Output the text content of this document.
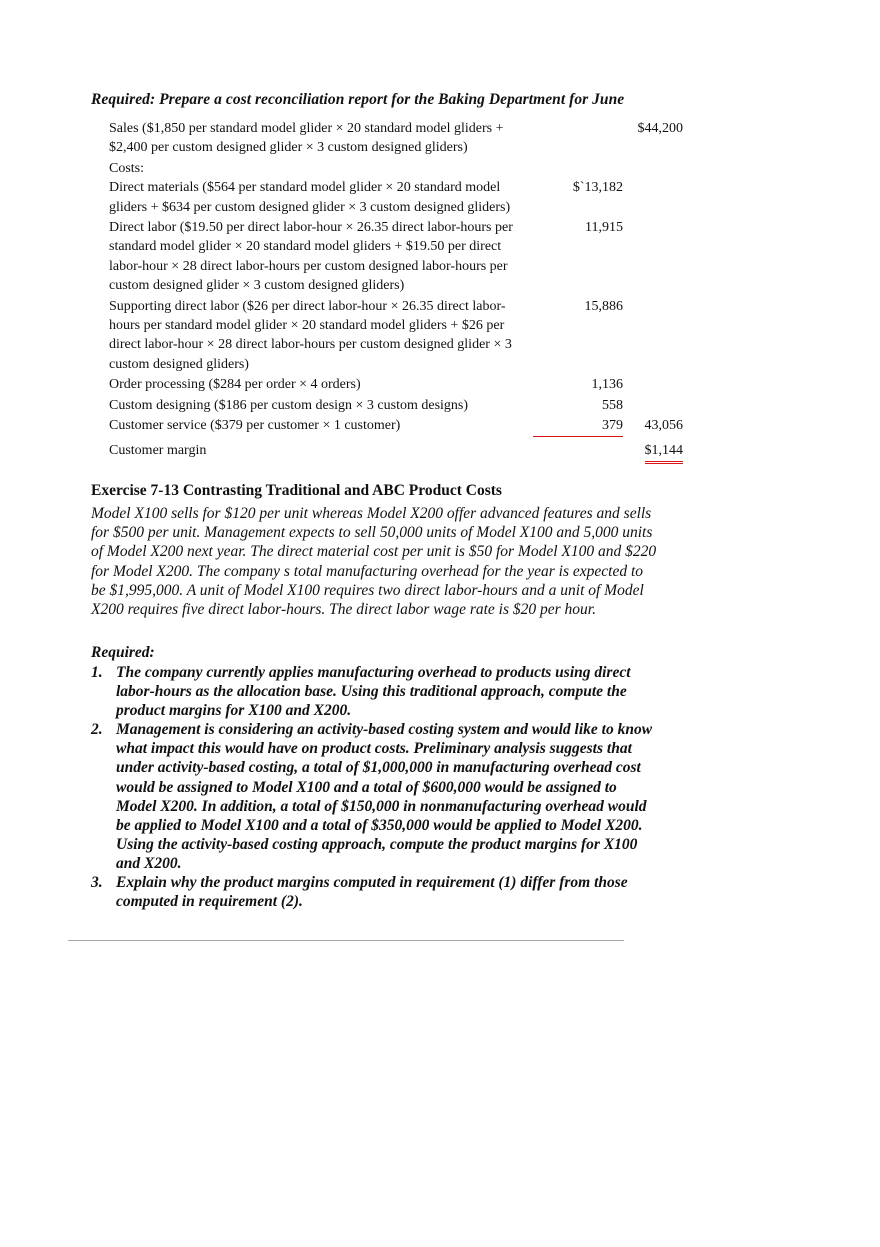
Required: Prepare a cost reconciliation report for the Baking Department for June
Sales ($1,850 per standard model glider × 20 standard model gliders + $2,400 per custom designed glider × 3 custom designed gliders)		$44,200
Costs:		
Direct materials ($564 per standard model glider × 20 standard model gliders + $634 per custom designed glider × 3 custom designed gliders)	$`13,182	
Direct labor ($19.50 per direct labor-hour × 26.35 direct labor-hours per standard model glider × 20 standard model gliders + $19.50 per direct labor-hour × 28 direct labor-hours per custom designed labor-hours per custom designed glider × 3 custom designed gliders)	11,915	
Supporting direct labor ($26 per direct labor-hour × 26.35 direct labor-hours per standard model glider × 20 standard model gliders + $26 per direct labor-hour × 28 direct labor-hours per custom designed glider × 3 custom designed gliders)	15,886	
Order processing ($284 per order × 4 orders)	1,136	
Custom designing ($186 per custom design × 3 custom designs)	558	
Customer service ($379 per customer × 1 customer)	379	43,056
Customer margin		$1,144
Exercise 7-13 Contrasting Traditional and ABC Product Costs
Model X100 sells for $120 per unit whereas Model X200 offer advanced features and sells for $500 per unit. Management expects to sell 50,000 units of Model X100 and 5,000 units of Model X200 next year. The direct material cost per unit is $50 for Model X100 and $220 for Model X200. The company s total manufacturing overhead for the year is expected to be $1,995,000. A unit of Model X100 requires two direct labor-hours and a unit of Model X200 requires five direct labor-hours. The direct labor wage rate is $20 per hour.
Required:
1. The company currently applies manufacturing overhead to products using direct labor-hours as the allocation base. Using this traditional approach, compute the product margins for X100 and X200.
2. Management is considering an activity-based costing system and would like to know what impact this would have on product costs. Preliminary analysis suggests that under activity-based costing, a total of $1,000,000 in manufacturing overhead cost would be assigned to Model X100 and a total of $600,000 would be assigned to Model X200. In addition, a total of $150,000 in nonmanufacturing overhead would be applied to Model X100 and a total of $350,000 would be applied to Model X200. Using the activity-based costing approach, compute the product margins for X100 and X200.
3. Explain why the product margins computed in requirement (1) differ from those computed in requirement (2).
